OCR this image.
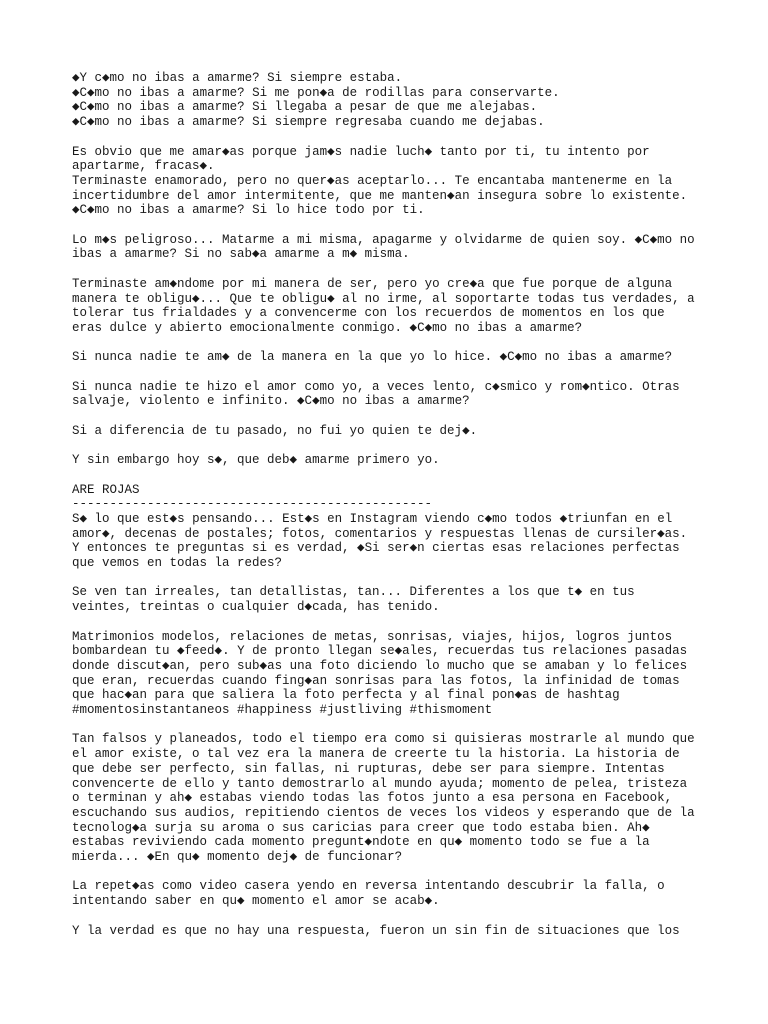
◆Y c◆mo no ibas a amarme? Si siempre estaba.
◆C◆mo no ibas a amarme? Si me pon◆a de rodillas para conservarte.
◆C◆mo no ibas a amarme? Si llegaba a pesar de que me alejabas.
◆C◆mo no ibas a amarme? Si siempre regresaba cuando me dejabas.
Es obvio que me amar◆as porque jam◆s nadie luch◆ tanto por ti, tu intento por
apartarme, fracas◆.
Terminaste enamorado, pero no quer◆as aceptarlo... Te encantaba mantenerme en la
incertidumbre del amor intermitente, que me manten◆an insegura sobre lo existente.
◆C◆mo no ibas a amarme? Si lo hice todo por ti.
Lo m◆s peligroso... Matarme a mi misma, apagarme y olvidarme de quien soy. ◆C◆mo no
ibas a amarme? Si no sab◆a amarme a m◆ misma.
Terminaste am◆ndome por mi manera de ser, pero yo cre◆a que fue porque de alguna
manera te obligu◆... Que te obligu◆ al no irme, al soportarte todas tus verdades, a
tolerar tus frialdades y a convencerme con los recuerdos de momentos en los que
eras dulce y abierto emocionalmente conmigo. ◆C◆mo no ibas a amarme?
Si nunca nadie te am◆ de la manera en la que yo lo hice. ◆C◆mo no ibas a amarme?
Si nunca nadie te hizo el amor como yo, a veces lento, c◆smico y rom◆ntico. Otras
salvaje, violento e infinito. ◆C◆mo no ibas a amarme?
Si a diferencia de tu pasado, no fui yo quien te dej◆.
Y sin embargo hoy s◆, que deb◆ amarme primero yo.
ARE ROJAS
------------------------------------------------
S◆ lo que est◆s pensando... Est◆s en Instagram viendo c◆mo todos ◆triunfan en el
amor◆, decenas de postales; fotos, comentarios y respuestas llenas de cursiler◆as.
Y entonces te preguntas si es verdad, ◆Si ser◆n ciertas esas relaciones perfectas
que vemos en todas la redes?
Se ven tan irreales, tan detallistas, tan... Diferentes a los que t◆ en tus
veintes, treintas o cualquier d◆cada, has tenido.
Matrimonios modelos, relaciones de metas, sonrisas, viajes, hijos, logros juntos
bombardean tu ◆feed◆. Y de pronto llegan se◆ales, recuerdas tus relaciones pasadas
donde discut◆an, pero sub◆as una foto diciendo lo mucho que se amaban y lo felices
que eran, recuerdas cuando fing◆an sonrisas para las fotos, la infinidad de tomas
que hac◆an para que saliera la foto perfecta y al final pon◆as de hashtag
#momentosinstantaneos #happiness #justliving #thismoment
Tan falsos y planeados, todo el tiempo era como si quisieras mostrarle al mundo que
el amor existe, o tal vez era la manera de creerte tu la historia. La historia de
que debe ser perfecto, sin fallas, ni rupturas, debe ser para siempre. Intentas
convencerte de ello y tanto demostrarlo al mundo ayuda; momento de pelea, tristeza
o terminan y ah◆ estabas viendo todas las fotos junto a esa persona en Facebook,
escuchando sus audios, repitiendo cientos de veces los videos y esperando que de la
tecnolog◆a surja su aroma o sus caricias para creer que todo estaba bien. Ah◆
estabas reviviendo cada momento pregunt◆ndote en qu◆ momento todo se fue a la
mierda... ◆En qu◆ momento dej◆ de funcionar?
La repet◆as como video casera yendo en reversa intentando descubrir la falla, o
intentando saber en qu◆ momento el amor se acab◆.
Y la verdad es que no hay una respuesta, fueron un sin fin de situaciones que los
